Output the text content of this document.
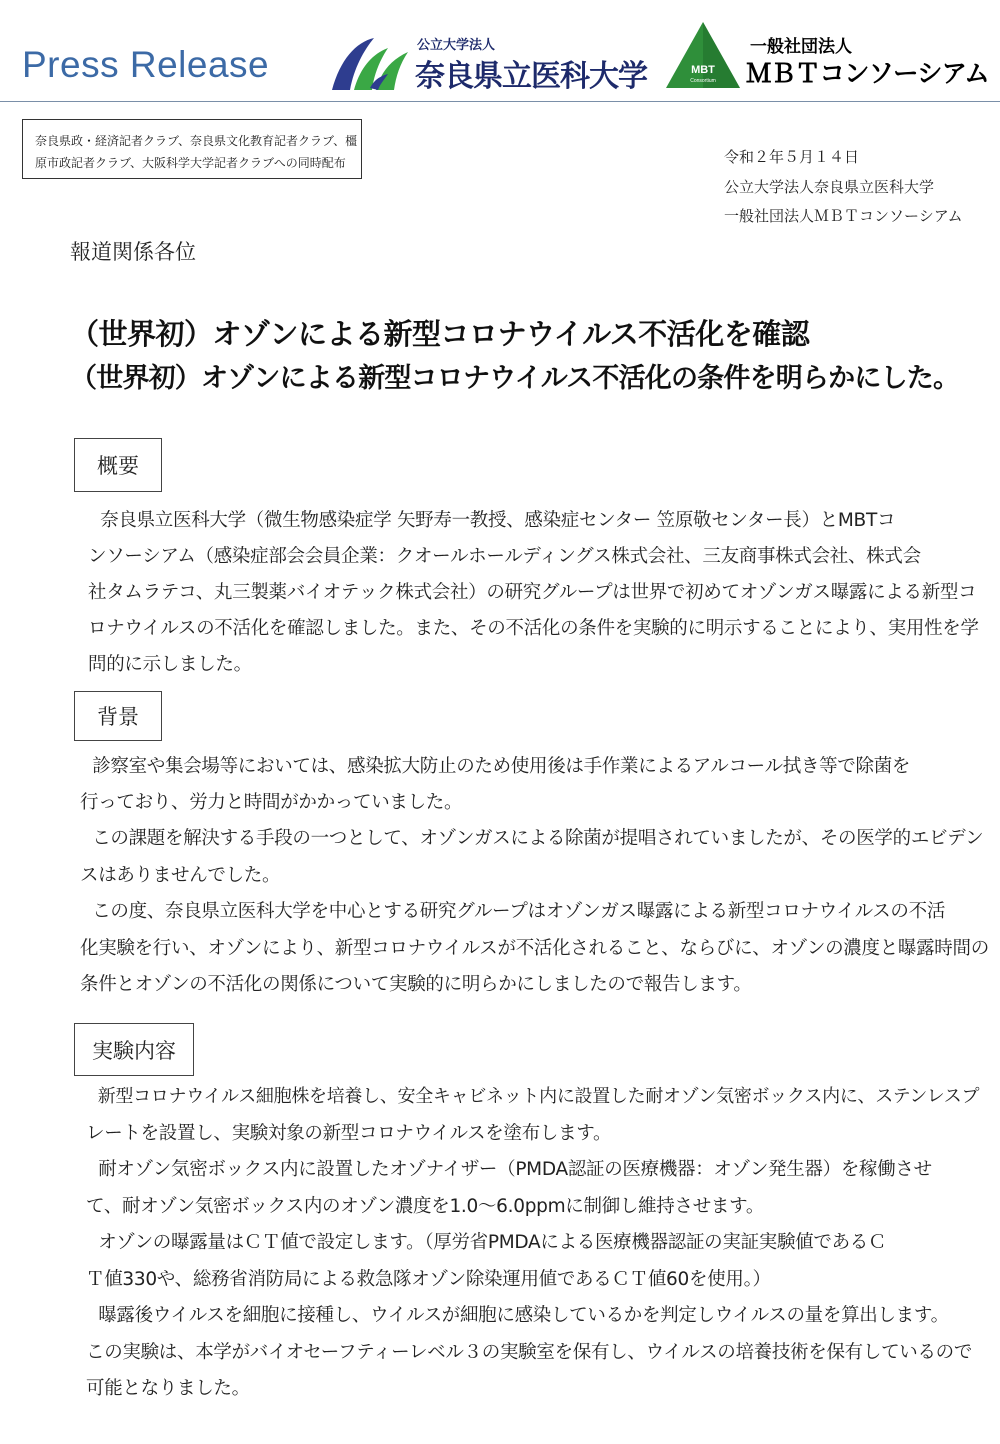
Press Release	公立大学法人
奈良県立医科大学	MBT
Consortium
一般社団法人
ＭＢＴコンソーシアム
奈良県政・経済記者クラブ、奈良県文化教育記者クラブ、橿
原市政記者クラブ、大阪科学大学記者クラブへの同時配布	令和２年５月１４日
公立大学法人奈良県立医科大学
一般社団法人ＭＢＴコンソーシアム
報道関係各位
（世界初）オゾンによる新型コロナウイルス不活化を確認
（世界初）オゾンによる新型コロナウイルス不活化の条件を明らかにした。
概要
　奈良県立医科大学（微生物感染症学 矢野寿一教授、感染症センター 笠原敬センター長）とMBTコ
ンソーシアム（感染症部会会員企業：クオールホールディングス株式会社、三友商事株式会社、株式会
社タムラテコ、丸三製薬バイオテック株式会社）の研究グループは世界で初めてオゾンガス曝露による新型コ
ロナウイルスの不活化を確認しました。また、その不活化の条件を実験的に明示することにより、実用性を学
問的に示しました。
背景
　診察室や集会場等においては、感染拡大防止のため使用後は手作業によるアルコール拭き等で除菌を
行っており、労力と時間がかかっていました。
　この課題を解決する手段の一つとして、オゾンガスによる除菌が提唱されていましたが、その医学的エビデン
スはありませんでした。
　この度、奈良県立医科大学を中心とする研究グループはオゾンガス曝露による新型コロナウイルスの不活
化実験を行い、オゾンにより、新型コロナウイルスが不活化されること、ならびに、オゾンの濃度と曝露時間の
条件とオゾンの不活化の関係について実験的に明らかにしましたので報告します。
実験内容
　新型コロナウイルス細胞株を培養し、安全キャビネット内に設置した耐オゾン気密ボックス内に、ステンレスプ
レートを設置し、実験対象の新型コロナウイルスを塗布します。
　耐オゾン気密ボックス内に設置したオゾナイザー（PMDA認証の医療機器：オゾン発生器）を稼働させ
て、耐オゾン気密ボックス内のオゾン濃度を1.0～6.0ppmに制御し維持させます。
　オゾンの曝露量はＣＴ値で設定します。（厚労省PMDAによる医療機器認証の実証実験値であるＣ
Ｔ値330や、総務省消防局による救急隊オゾン除染運用値であるＣＴ値60を使用。）
　曝露後ウイルスを細胞に接種し、ウイルスが細胞に感染しているかを判定しウイルスの量を算出します。
この実験は、本学がバイオセーフティーレベル３の実験室を保有し、ウイルスの培養技術を保有しているので
可能となりました。
